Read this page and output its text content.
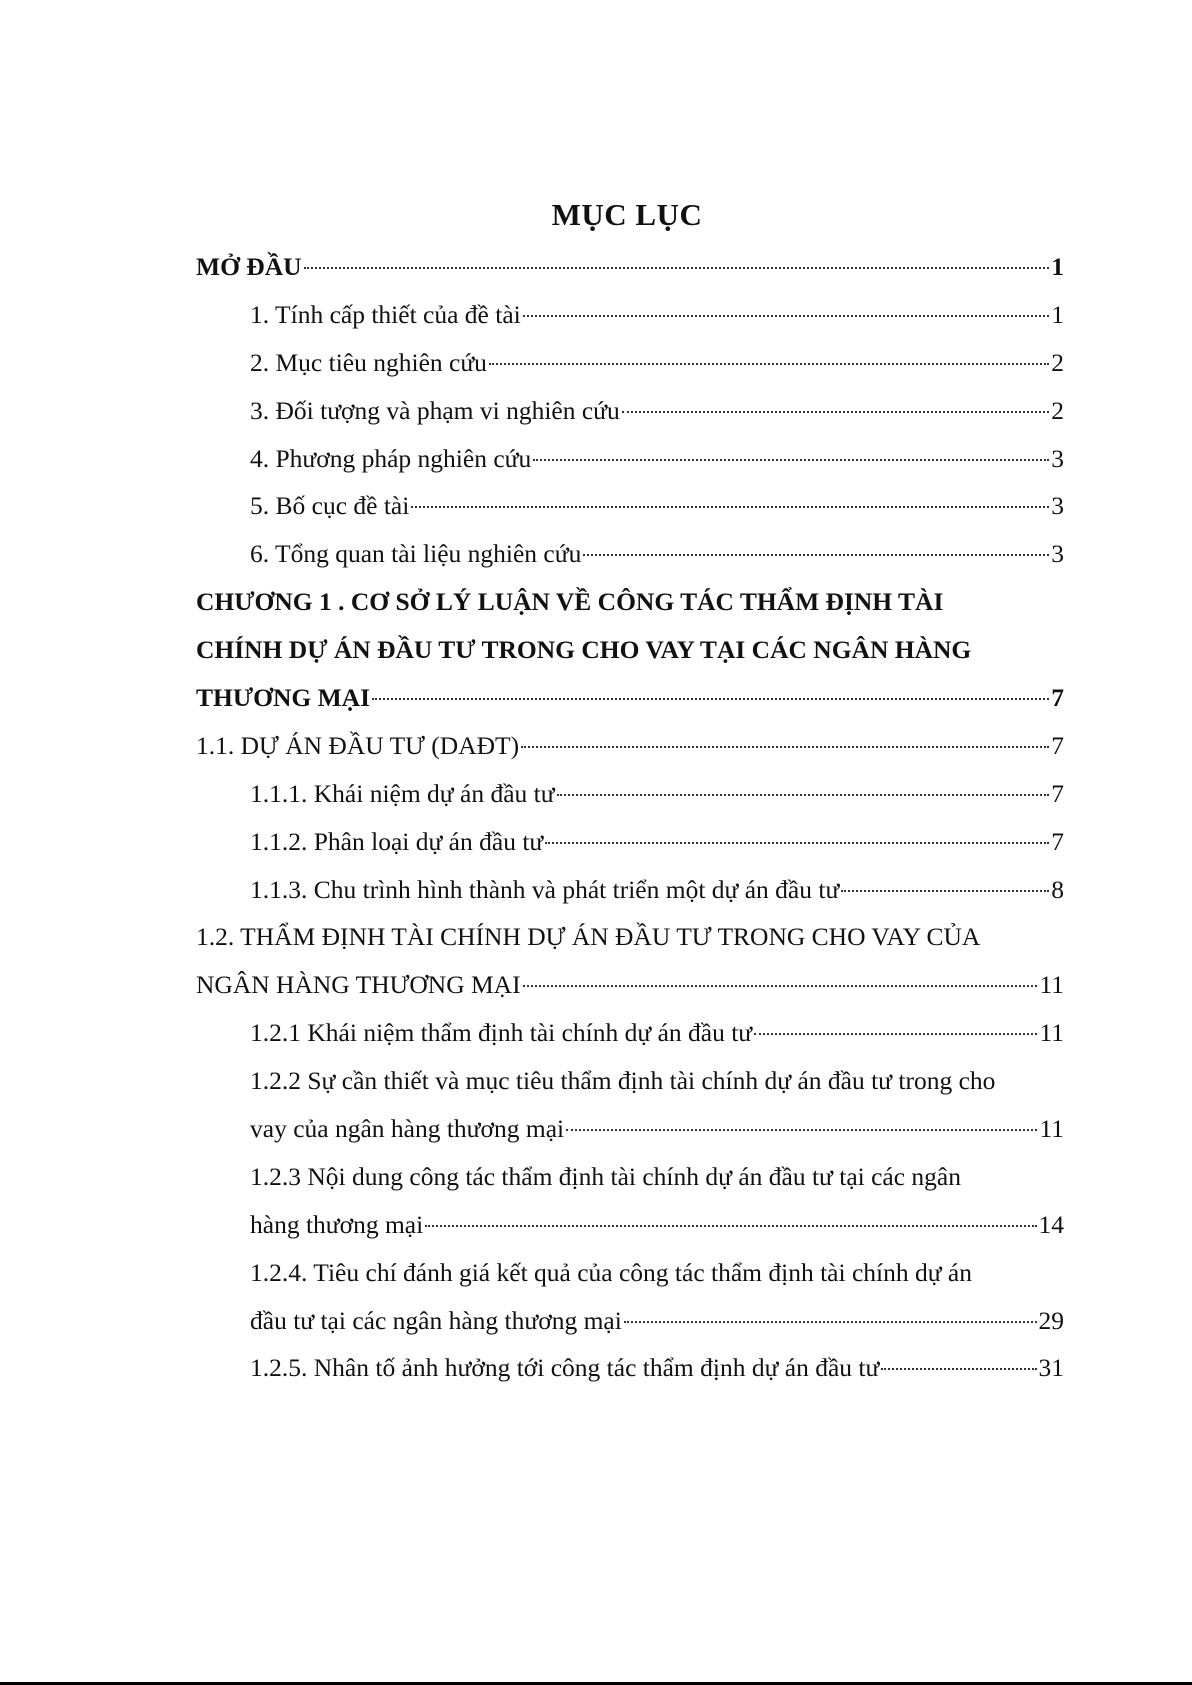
MỤC LỤC
MỞ ĐẦU	1
1. Tính cấp thiết của đề tài	1
2. Mục tiêu nghiên cứu	2
3. Đối tượng và phạm vi nghiên cứu	2
4. Phương pháp nghiên cứu	3
5. Bố cục đề tài	3
6. Tổng quan tài liệu nghiên cứu	3
CHƯƠNG 1 . CƠ SỞ LÝ LUẬN VỀ CÔNG TÁC THẨM ĐỊNH TÀI
CHÍNH DỰ ÁN ĐẦU TƯ TRONG CHO VAY TẠI CÁC NGÂN HÀNG
THƯƠNG MẠI	7
1.1. DỰ ÁN ĐẦU TƯ (DAĐT)	7
1.1.1. Khái niệm dự án đầu tư	7
1.1.2. Phân loại dự án đầu tư	7
1.1.3. Chu trình hình thành và phát triển một dự án đầu tư	8
1.2. THẨM ĐỊNH TÀI CHÍNH DỰ ÁN ĐẦU TƯ TRONG CHO VAY CỦA
NGÂN HÀNG THƯƠNG MẠI	11
1.2.1 Khái niệm thẩm định tài chính dự án đầu tư	11
1.2.2 Sự cần thiết và mục tiêu thẩm định tài chính dự án đầu tư trong cho
vay của ngân hàng thương mại	11
1.2.3 Nội dung công tác thẩm định tài chính dự án đầu tư tại các ngân
hàng thương mại	14
1.2.4. Tiêu chí đánh giá kết quả của công tác thẩm định tài chính dự án
đầu tư tại các ngân hàng thương mại	29
1.2.5. Nhân tố ảnh hưởng tới công tác thẩm định dự án đầu tư	31
